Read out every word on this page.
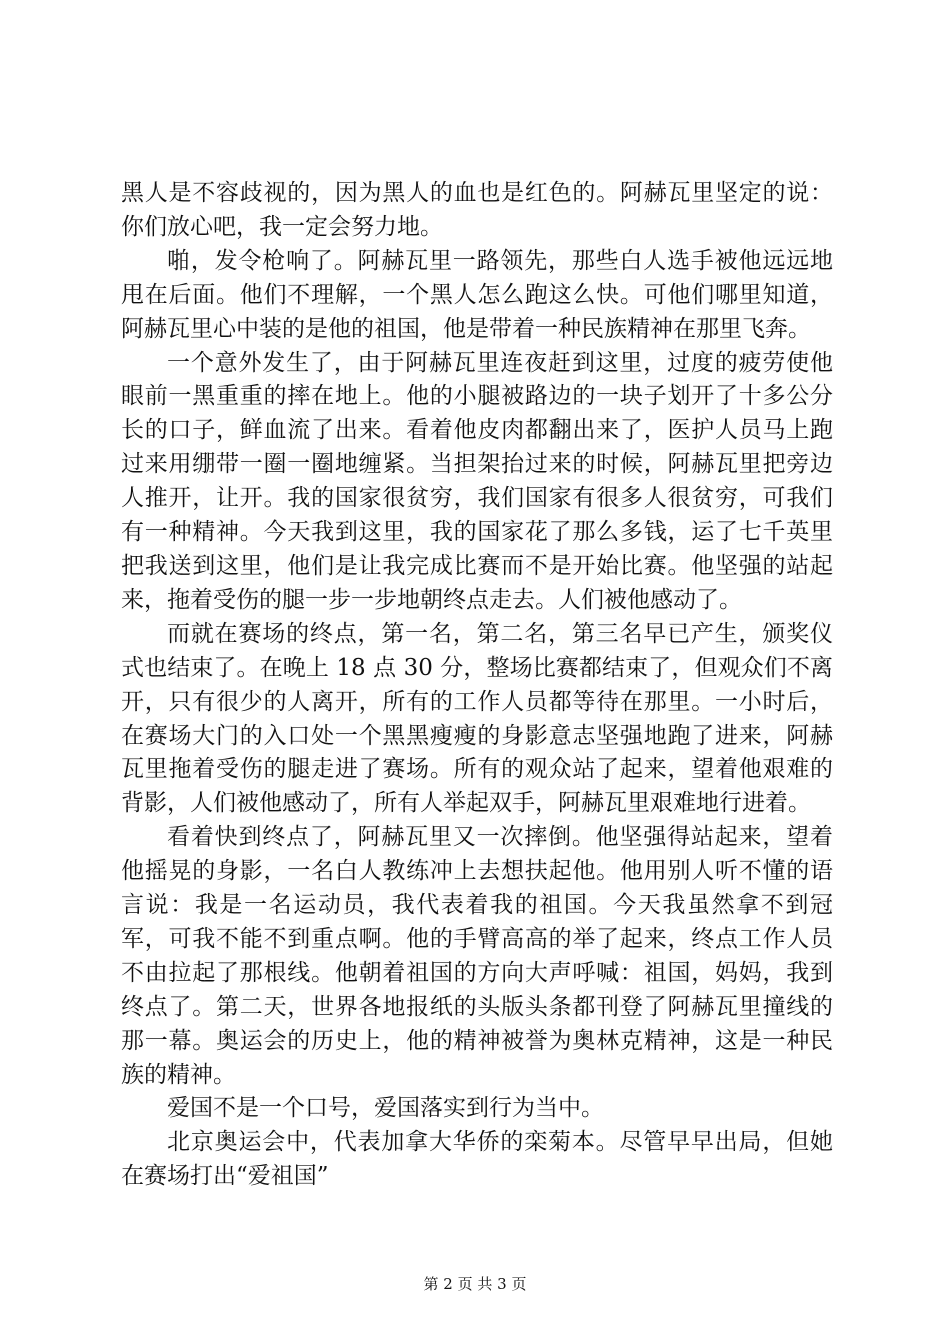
黑人是不容歧视的，因为黑人的血也是红色的。阿赫瓦里坚定的说：你们放心吧，我一定会努力地。

啪，发令枪响了。阿赫瓦里一路领先，那些白人选手被他远远地甩在后面。他们不理解，一个黑人怎么跑这么快。可他们哪里知道，阿赫瓦里心中装的是他的祖国，他是带着一种民族精神在那里飞奔。

一个意外发生了，由于阿赫瓦里连夜赶到这里，过度的疲劳使他眼前一黑重重的摔在地上。他的小腿被路边的一块子划开了十多公分长的口子，鲜血流了出来。看着他皮肉都翻出来了，医护人员马上跑过来用绷带一圈一圈地缠紧。当担架抬过来的时候，阿赫瓦里把旁边人推开，让开。我的国家很贫穷，我们国家有很多人很贫穷，可我们有一种精神。今天我到这里，我的国家花了那么多钱，运了七千英里把我送到这里，他们是让我完成比赛而不是开始比赛。他坚强的站起来，拖着受伤的腿一步一步地朝终点走去。人们被他感动了。

而就在赛场的终点，第一名，第二名，第三名早已产生，颁奖仪式也结束了。在晚上 18 点 30 分，整场比赛都结束了，但观众们不离开，只有很少的人离开，所有的工作人员都等待在那里。一小时后，在赛场大门的入口处一个黑黑瘦瘦的身影意志坚强地跑了进来，阿赫瓦里拖着受伤的腿走进了赛场。所有的观众站了起来，望着他艰难的背影，人们被他感动了，所有人举起双手，阿赫瓦里艰难地行进着。

看着快到终点了，阿赫瓦里又一次摔倒。他坚强得站起来，望着他摇晃的身影，一名白人教练冲上去想扶起他。他用别人听不懂的语言说：我是一名运动员，我代表着我的祖国。今天我虽然拿不到冠军，可我不能不到重点啊。他的手臂高高的举了起来，终点工作人员不由拉起了那根线。他朝着祖国的方向大声呼喊：祖国，妈妈，我到终点了。第二天，世界各地报纸的头版头条都刊登了阿赫瓦里撞线的那一幕。奥运会的历史上，他的精神被誉为奥林克精神，这是一种民族的精神。

爱国不是一个口号，爱国落实到行为当中。

北京奥运会中，代表加拿大华侨的栾菊本。尽管早早出局，但她在赛场打出“爱祖国”

第 2 页 共 3 页
